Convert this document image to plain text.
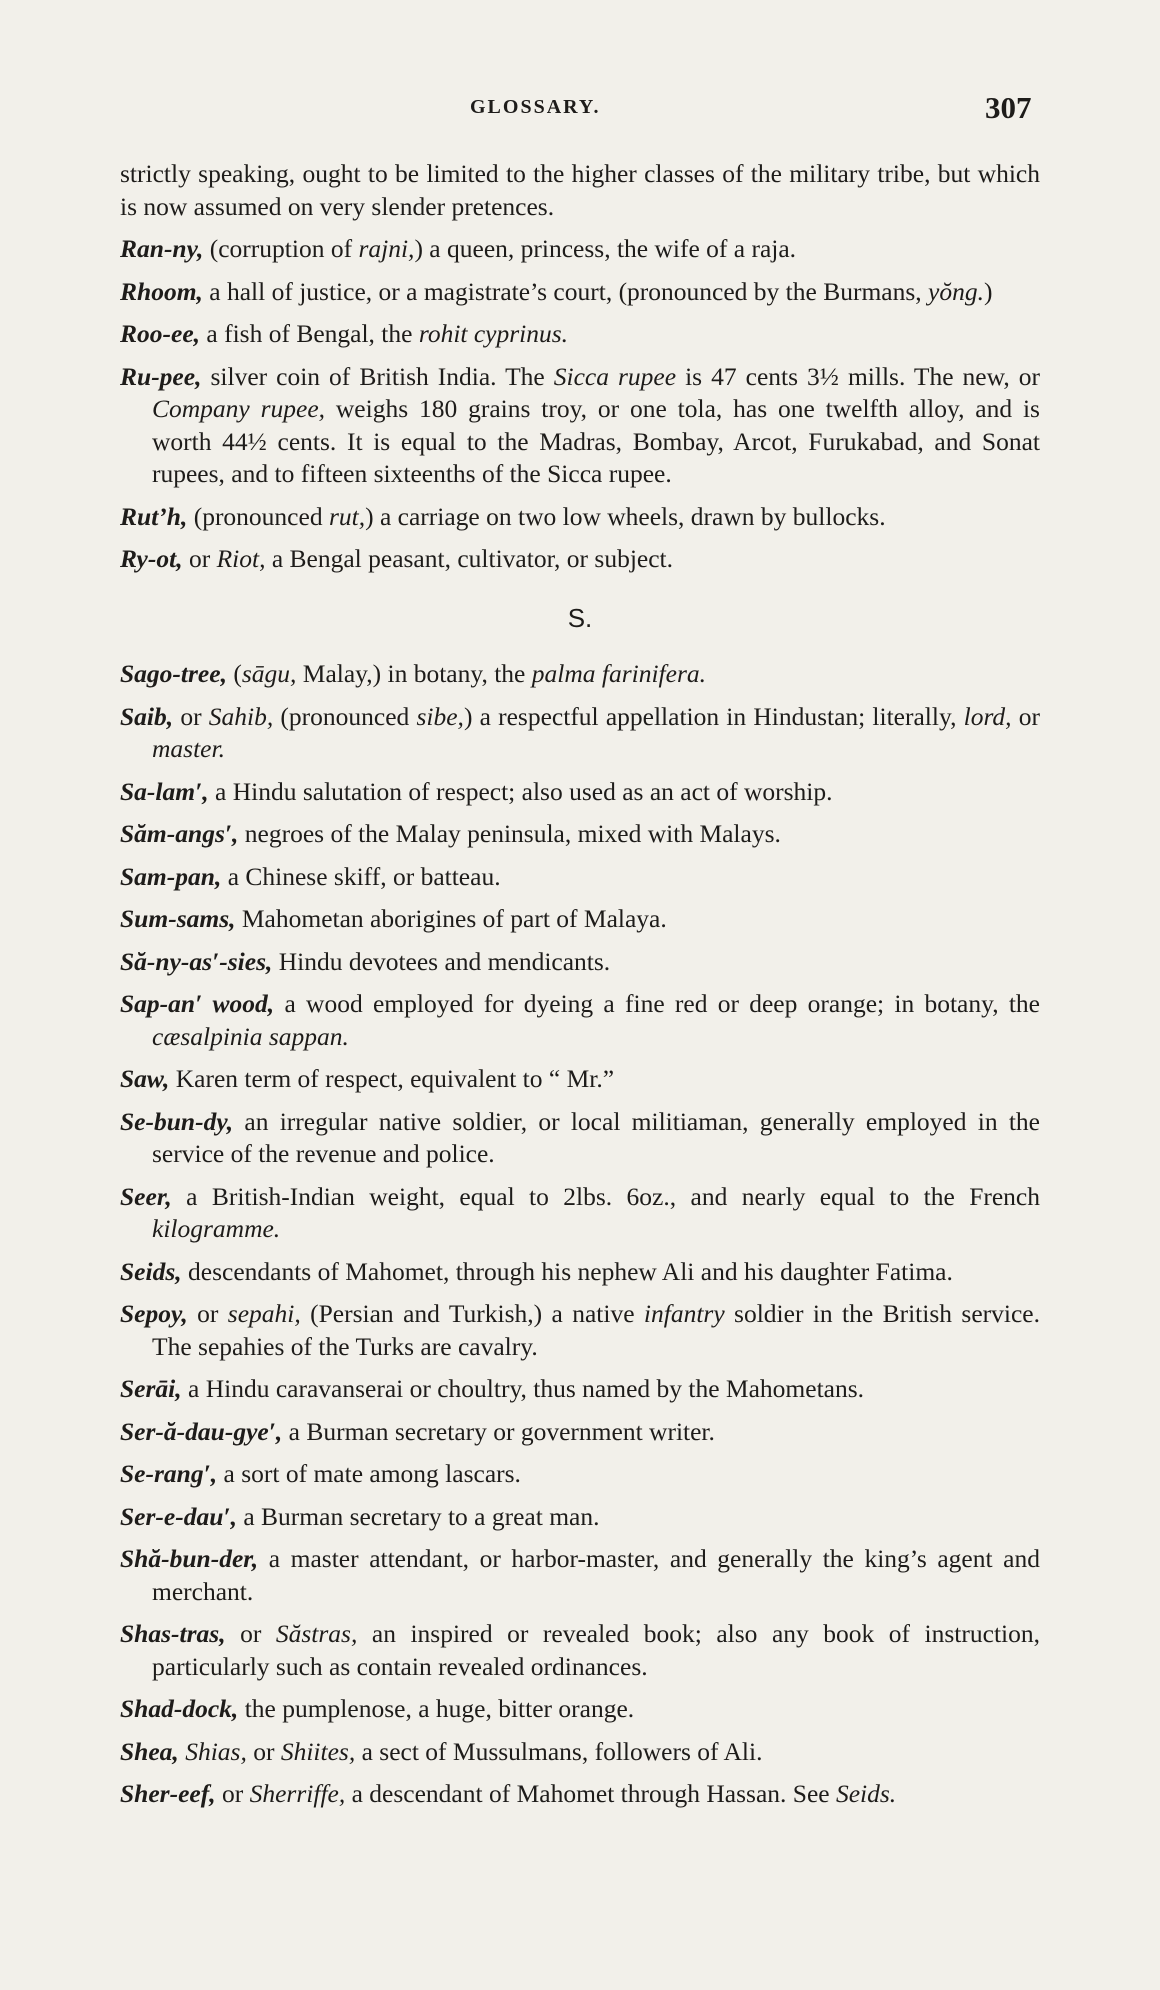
GLOSSARY.	307

strictly speaking, ought to be limited to the higher classes of the military tribe, but which is now assumed on very slender pretences.

Ran-ny, (corruption of rajni,) a queen, princess, the wife of a raja.

Rhoom, a hall of justice, or a magistrate’s court, (pronounced by the Burmans, yŏng.)

Roo-ee, a fish of Bengal, the rohit cyprinus.

Ru-pee, silver coin of British India. The Sicca rupee is 47 cents 3½ mills. The new, or Company rupee, weighs 180 grains troy, or one tola, has one twelfth alloy, and is worth 44½ cents. It is equal to the Madras, Bombay, Arcot, Furukabad, and Sonat rupees, and to fifteen sixteenths of the Sicca rupee.

Rut’h, (pronounced rut,) a carriage on two low wheels, drawn by bullocks.

Ry-ot, or Riot, a Bengal peasant, cultivator, or subject.

S.

Sago-tree, (sāgu, Malay,) in botany, the palma farinifera.

Saib, or Sahib, (pronounced sibe,) a respectful appellation in Hindustan; literally, lord, or master.

Sa-lam′, a Hindu salutation of respect; also used as an act of worship.

Săm-angs′, negroes of the Malay peninsula, mixed with Malays.

Sam-pan, a Chinese skiff, or batteau.

Sum-sams, Mahometan aborigines of part of Malaya.

Să-ny-as′-sies, Hindu devotees and mendicants.

Sap-an′ wood, a wood employed for dyeing a fine red or deep orange; in botany, the cæsalpinia sappan.

Saw, Karen term of respect, equivalent to “ Mr.”

Se-bun-dy, an irregular native soldier, or local militiaman, generally employed in the service of the revenue and police.

Seer, a British-Indian weight, equal to 2lbs. 6oz., and nearly equal to the French kilogramme.

Seids, descendants of Mahomet, through his nephew Ali and his daughter Fatima.

Sepoy, or sepahi, (Persian and Turkish,) a native infantry soldier in the British service. The sepahies of the Turks are cavalry.

Serāi, a Hindu caravanserai or choultry, thus named by the Mahometans.

Ser-ă-dau-gye′, a Burman secretary or government writer.

Se-rang′, a sort of mate among lascars.

Ser-e-dau′, a Burman secretary to a great man.

Shă-bun-der, a master attendant, or harbor-master, and generally the king’s agent and merchant.

Shas-tras, or Săstras, an inspired or revealed book; also any book of instruction, particularly such as contain revealed ordinances.

Shad-dock, the pumplenose, a huge, bitter orange.

Shea, Shias, or Shiites, a sect of Mussulmans, followers of Ali.

Sher-eef, or Sherriffe, a descendant of Mahomet through Hassan. See Seids.
